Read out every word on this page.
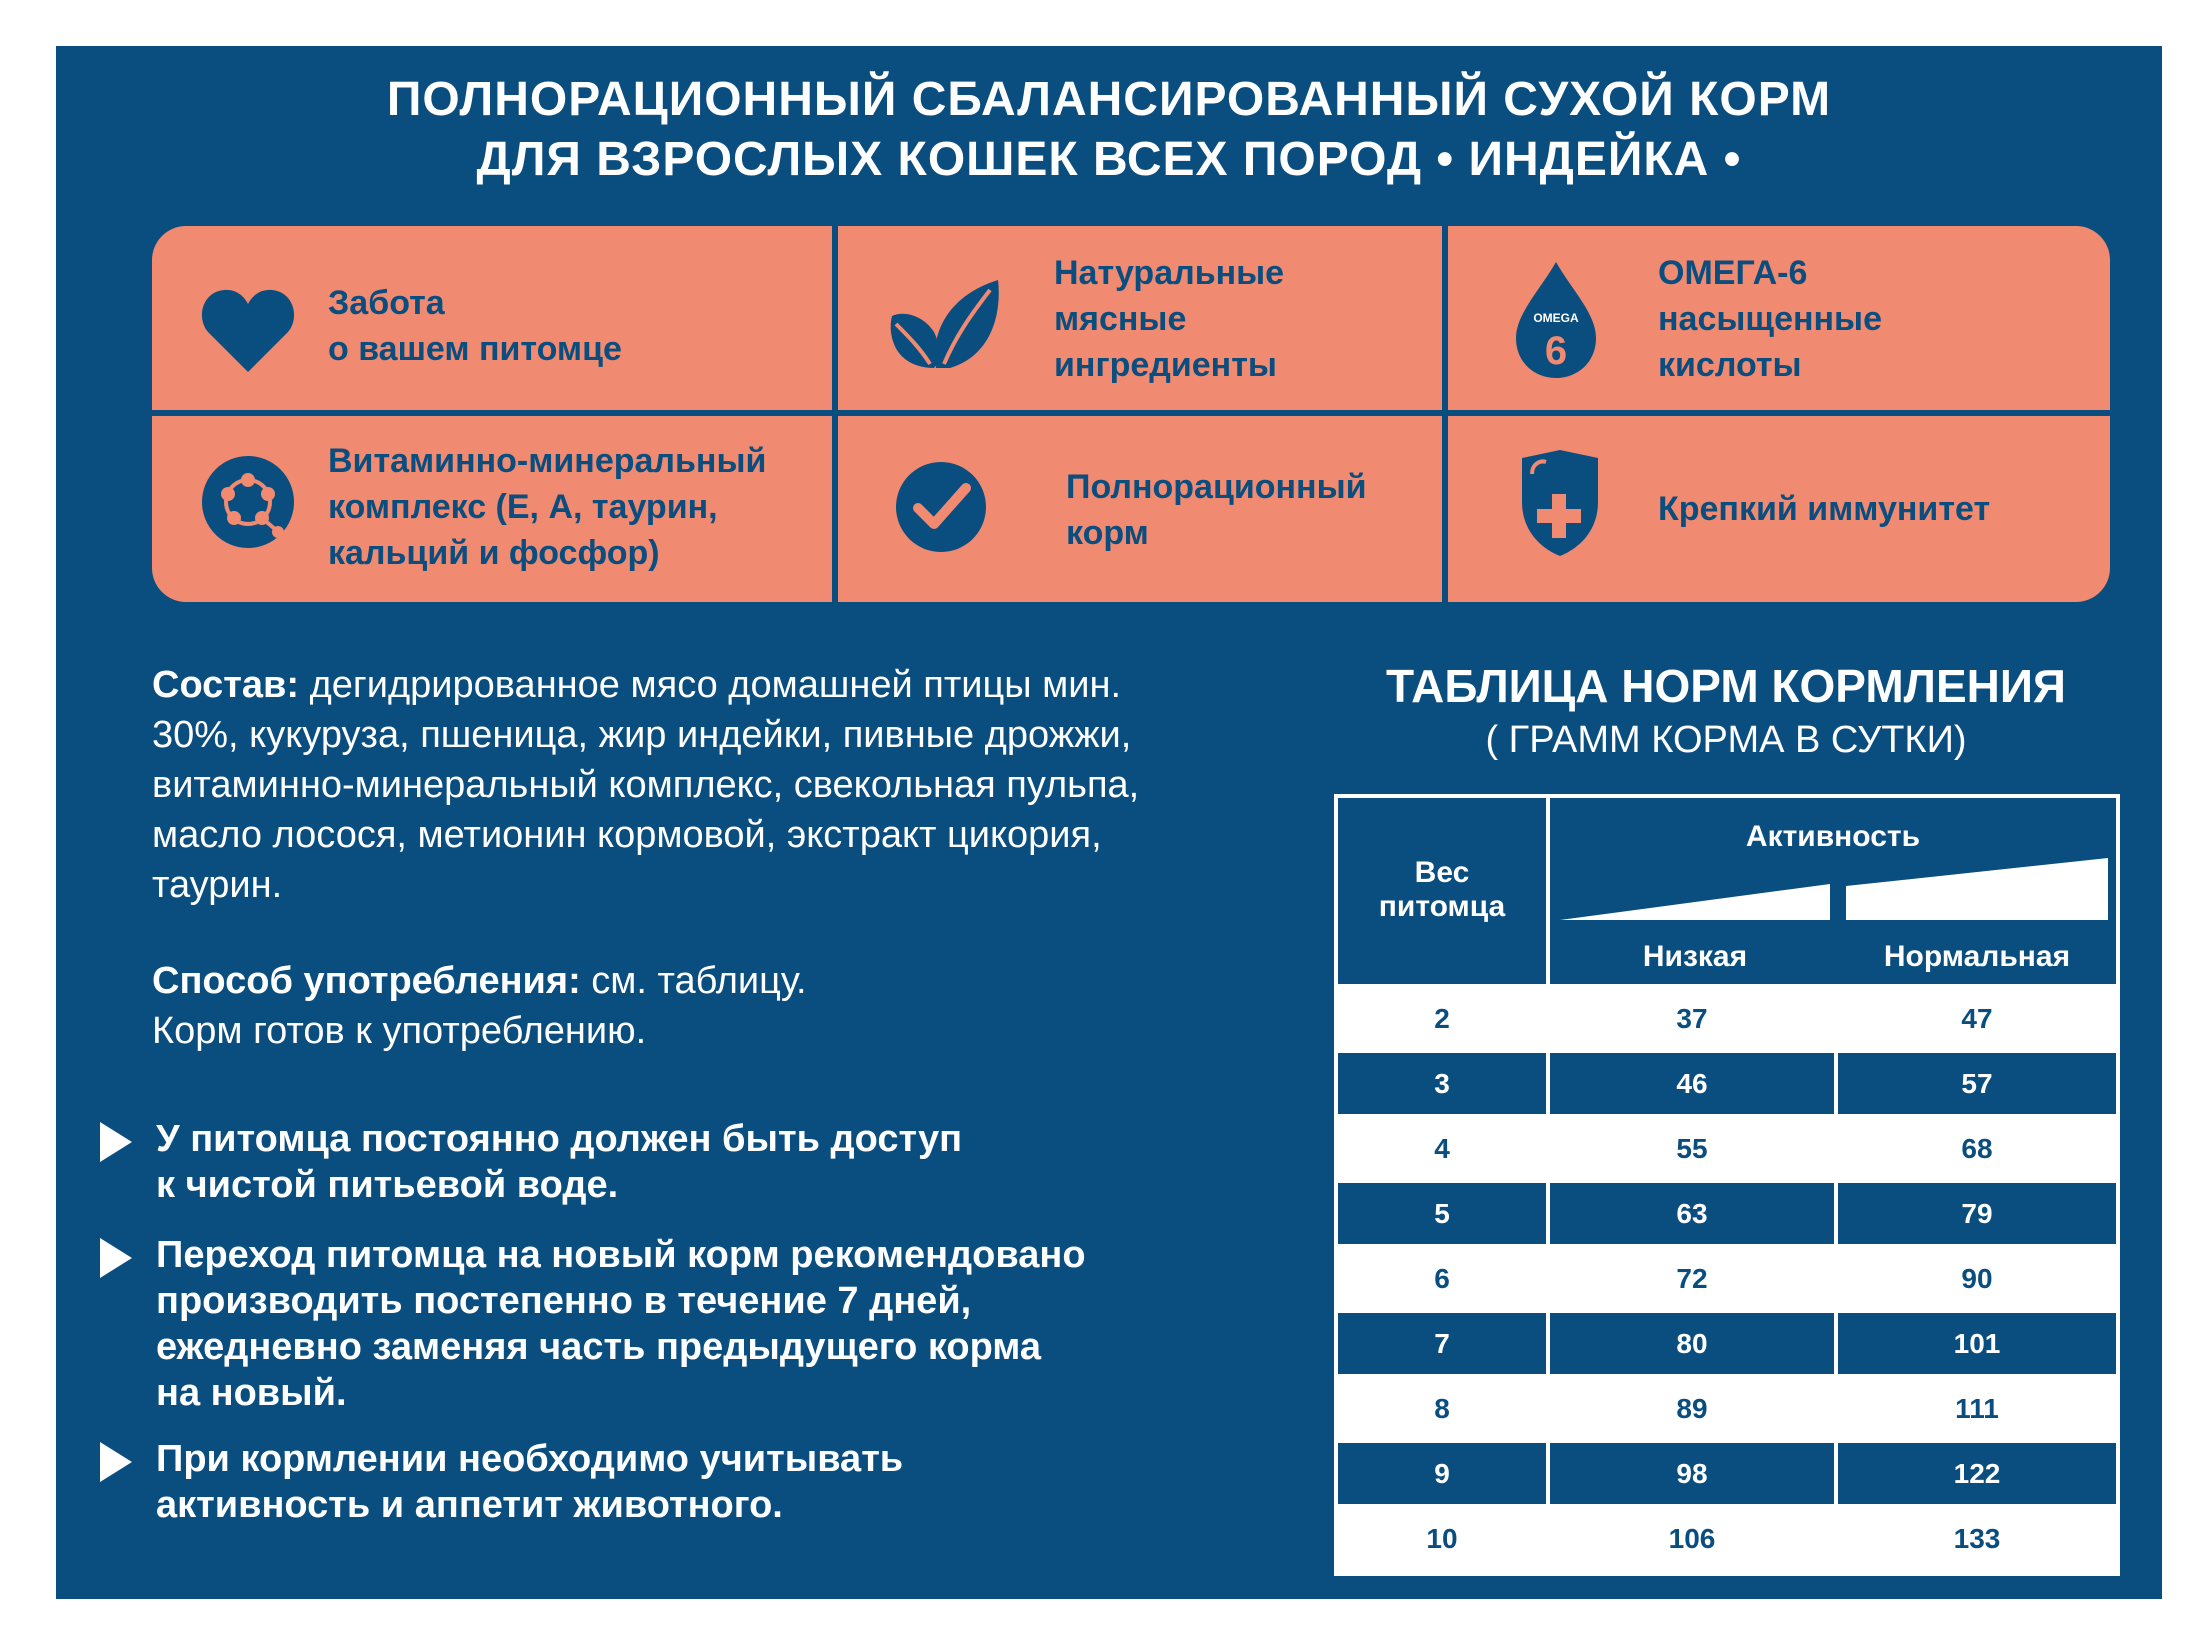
ПОЛНОРАЦИОННЫЙ СБАЛАНСИРОВАННЫЙ СУХОЙ КОРМ
ДЛЯ ВЗРОСЛЫХ КОШЕК ВСЕХ ПОРОД • ИНДЕЙКА •
Забота
о вашем питомце
Натуральные
мясные
ингредиенты
OMEGA
6
ОМЕГА-6
насыщенные
кислоты
Витаминно-минеральный
комплекс (Е, А, таурин,
кальций и фосфор)
Полнорационный
корм
Крепкий иммунитет
Состав: дегидрированное мясо домашней птицы мин. 30%, кукуруза, пшеница, жир индейки, пивные дрожжи, витаминно-минеральный комплекс, свекольная пульпа, масло лосося, метионин кормовой, экстракт цикория, таурин.
Способ употребления: см. таблицу.
Корм готов к употреблению.
У питомца постоянно должен быть доступ
к чистой питьевой воде.
Переход питомца на новый корм рекомендовано
производить постепенно в течение 7 дней,
ежедневно заменяя часть предыдущего корма
на новый.
При кормлении необходимо учитывать
активность и аппетит животного.
ТАБЛИЦА НОРМ КОРМЛЕНИЯ
( ГРАММ КОРМА В СУТКИ)
Вес
питомца
Активность
Низкая	Нормальная
2	37	47
3	46	57
4	55	68
5	63	79
6	72	90
7	80	101
8	89	111
9	98	122
10	106	133
